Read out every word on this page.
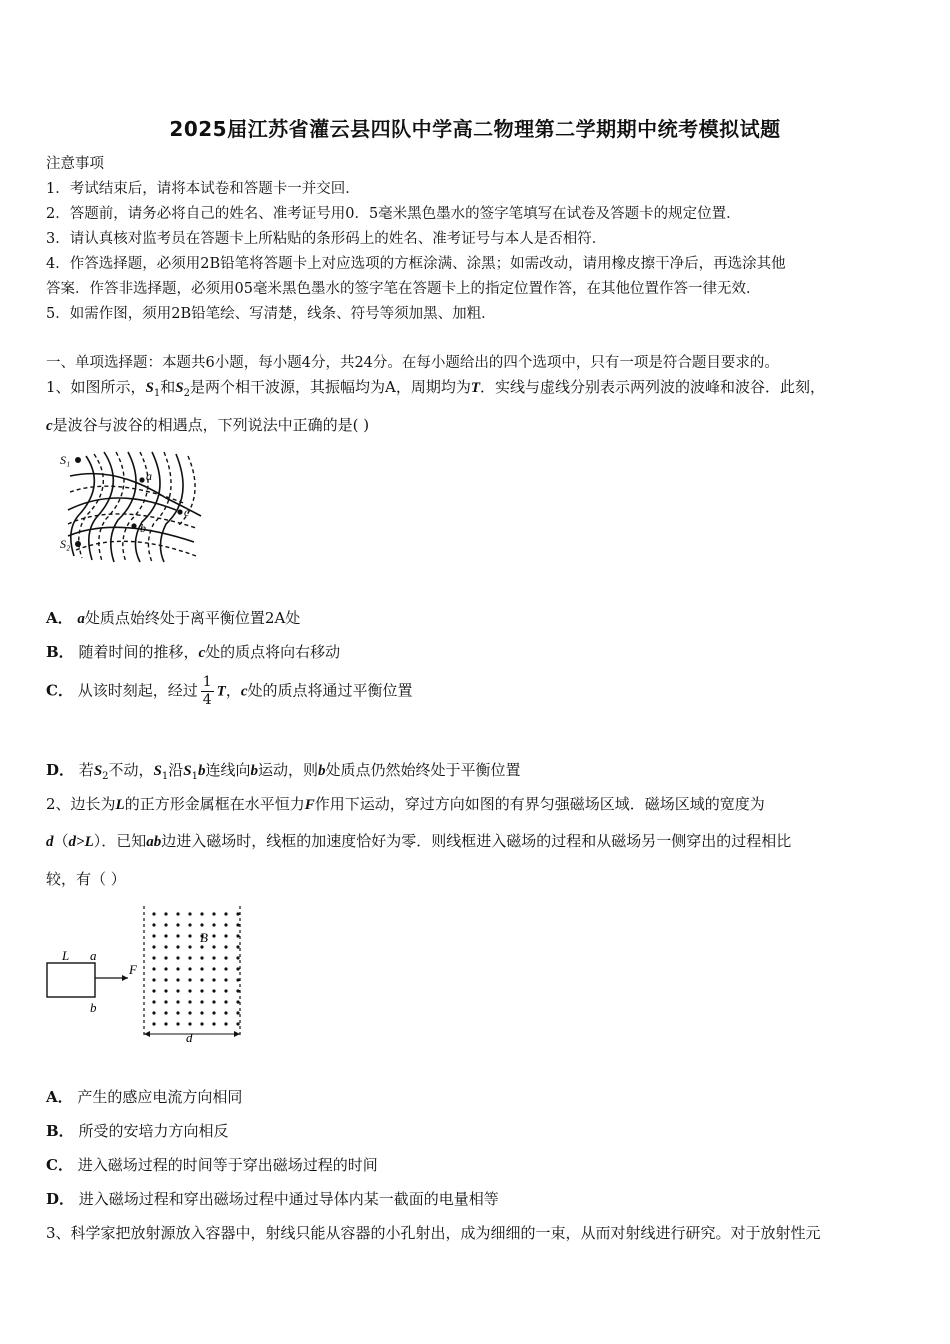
2025届江苏省灌云县四队中学高二物理第二学期期中统考模拟试题
注意事项
1．考试结束后，请将本试卷和答题卡一并交回．
2．答题前，请务必将自己的姓名、准考证号用0．5毫米黑色墨水的签字笔填写在试卷及答题卡的规定位置．
3．请认真核对监考员在答题卡上所粘贴的条形码上的姓名、准考证号与本人是否相符．
4．作答选择题，必须用2B铅笔将答题卡上对应选项的方框涂满、涂黑；如需改动，请用橡皮擦干净后，再选涂其他
答案．作答非选择题，必须用05毫米黑色墨水的签字笔在答题卡上的指定位置作答，在其他位置作答一律无效．
5．如需作图，须用2B铅笔绘、写清楚，线条、符号等须加黑、加粗．
一、单项选择题：本题共6小题，每小题4分，共24分。在每小题给出的四个选项中，只有一项是符合题目要求的。
1、如图所示，$S_1$和$S_2$是两个相干波源，其振幅均为A，周期均为T．实线与虚线分别表示两列波的波峰和波谷．此刻，
c是波谷与波谷的相遇点，下列说法中正确的是( )
S₁
S₂
a
b
c
A． a处质点始终处于离平衡位置2A处
B． 随着时间的推移，c处的质点将向右移动
C． 从该时刻起，经过 $\frac{1}{4}$ T，c处的质点将通过平衡位置
D． 若$S_2$不动，$S_1$沿$S_1b$连线向b运动，则b处质点仍然始终处于平衡位置
2、边长为L的正方形金属框在水平恒力F作用下运动，穿过方向如图的有界匀强磁场区域．磁场区域的宽度为
d（d>L）．已知ab边进入磁场时，线框的加速度恰好为零．则线框进入磁场的过程和从磁场另一侧穿出的过程相比
较，有（ ）
L a
b
F
B
d
A． 产生的感应电流方向相同
B． 所受的安培力方向相反
C． 进入磁场过程的时间等于穿出磁场过程的时间
D． 进入磁场过程和穿出磁场过程中通过导体内某一截面的电量相等
3、科学家把放射源放入容器中，射线只能从容器的小孔射出，成为细细的一束，从而对射线进行研究。对于放射性元
